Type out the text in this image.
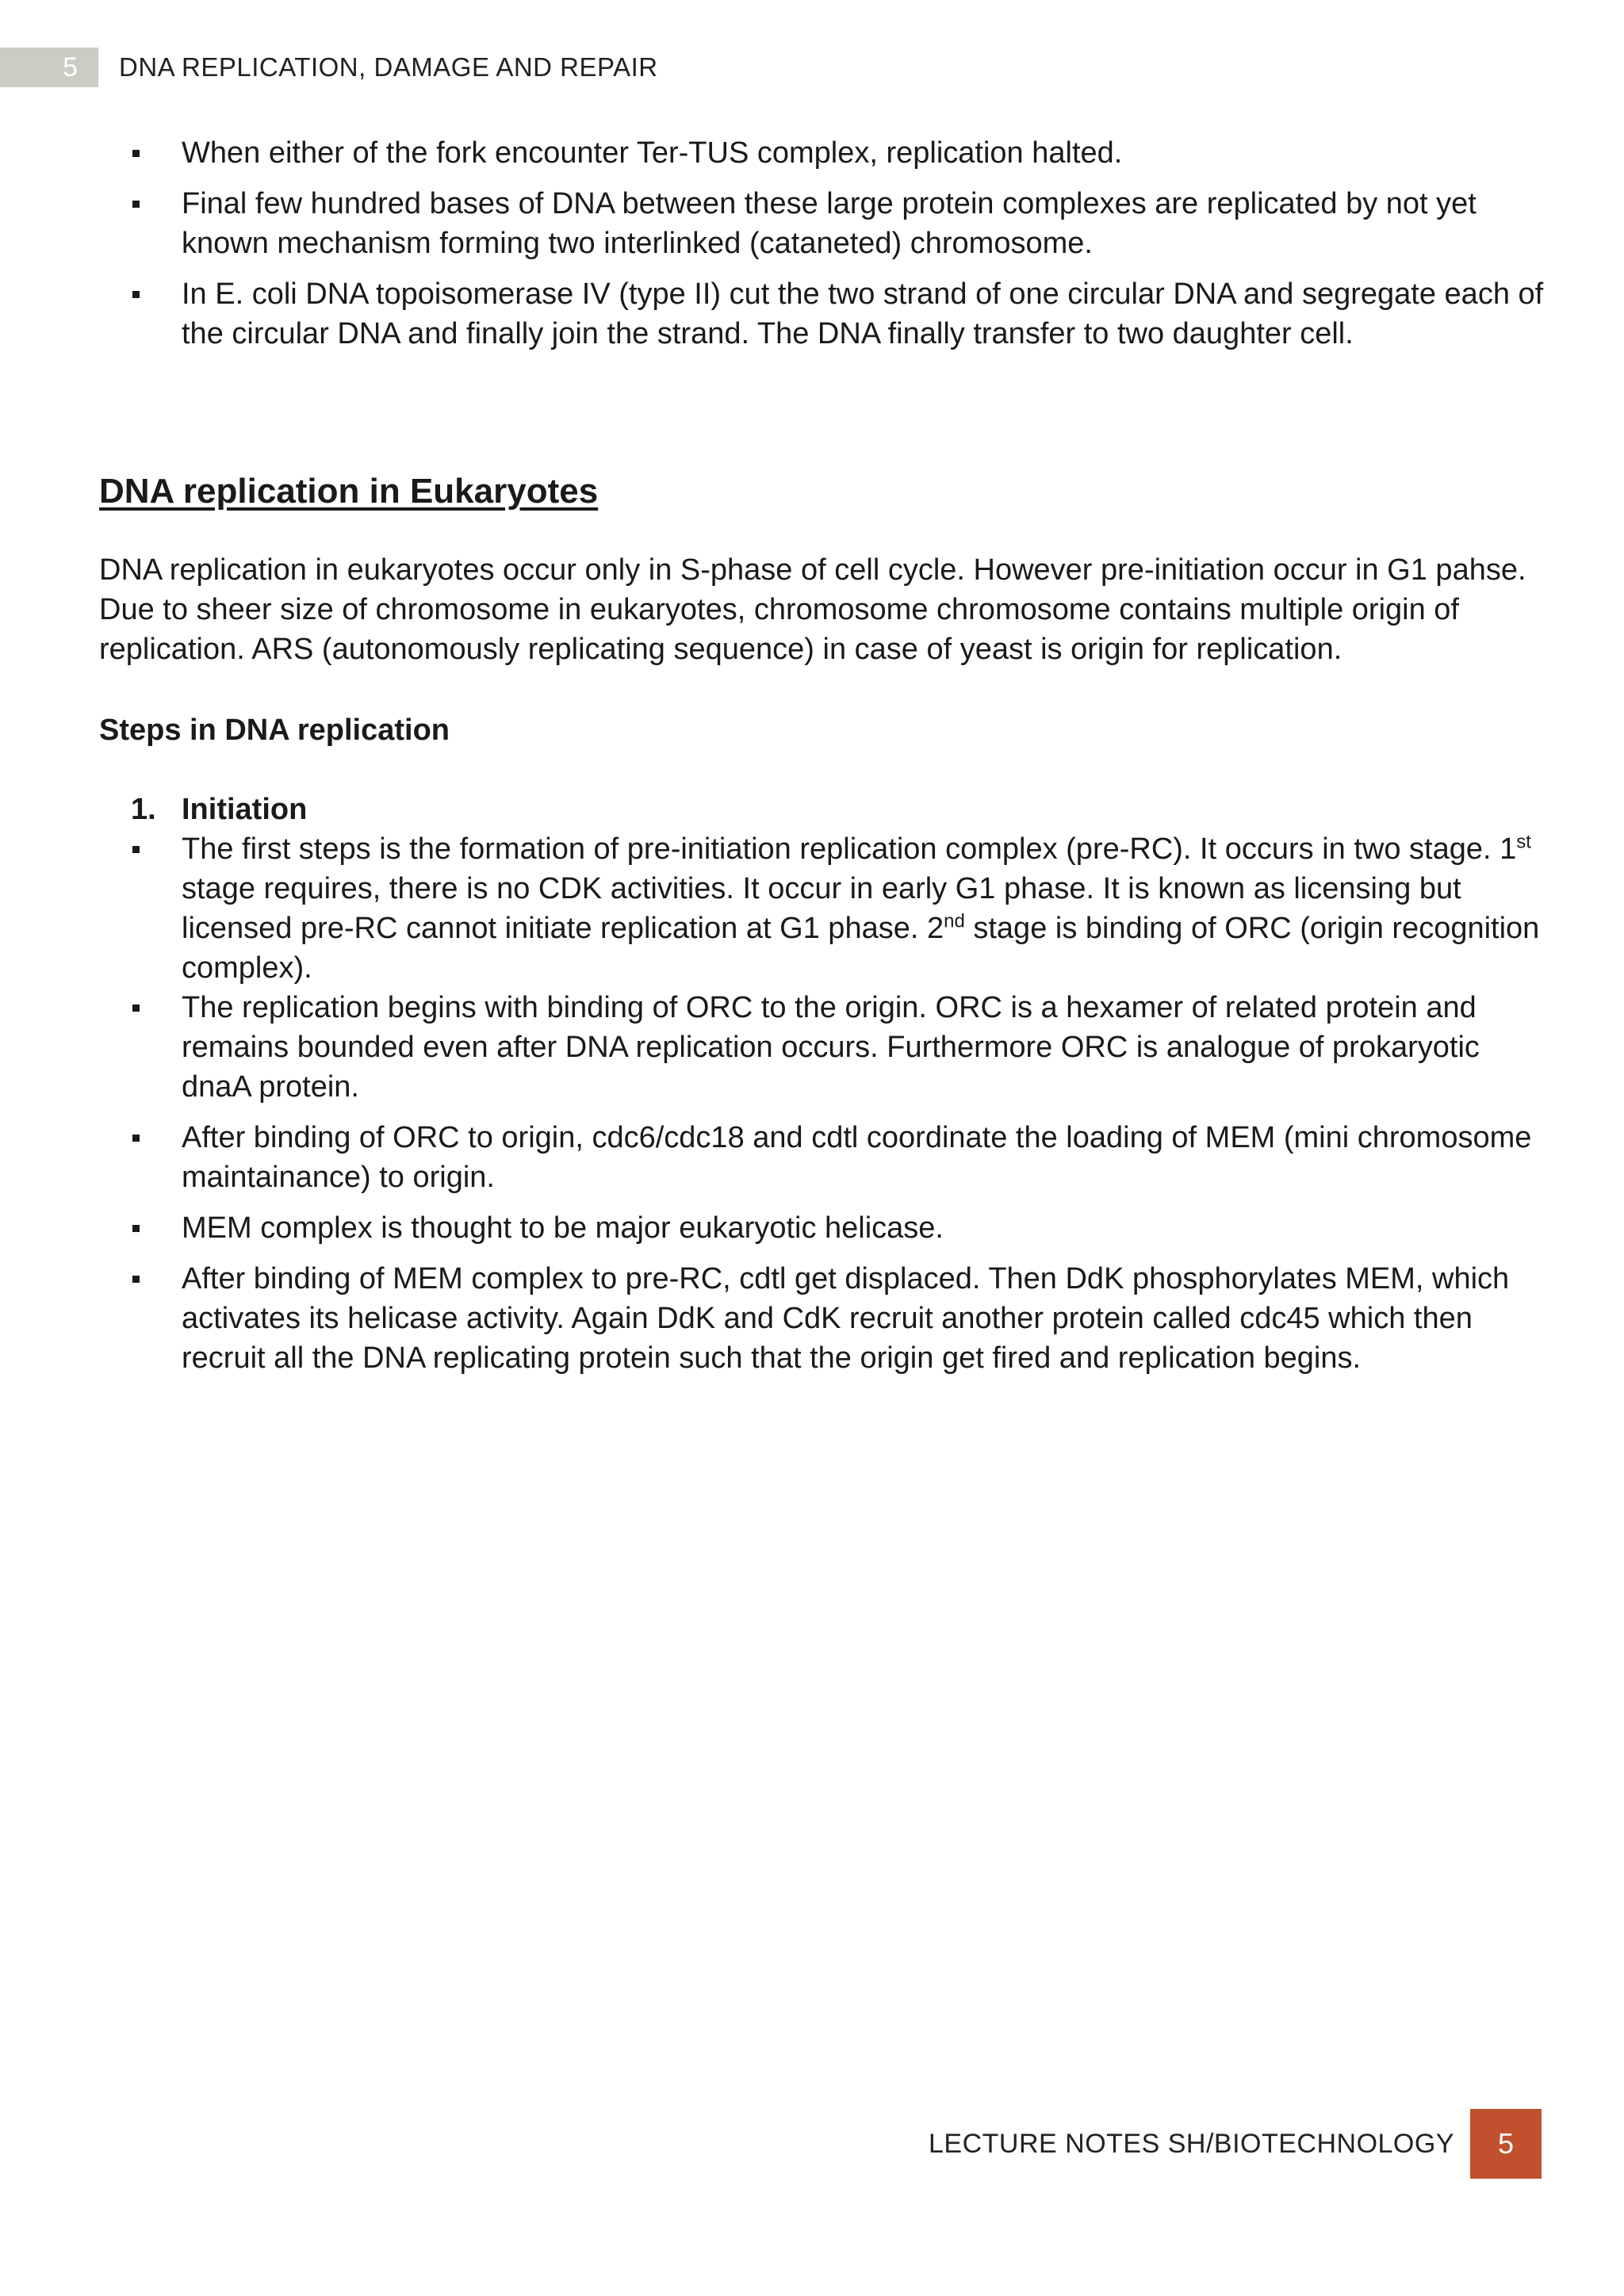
5	DNA REPLICATION, DAMAGE AND REPAIR
When either of the fork encounter Ter-TUS complex, replication halted.
Final few hundred bases of DNA between these large protein complexes are replicated by not yet known mechanism forming two interlinked (cataneted) chromosome.
In E. coli DNA topoisomerase IV (type II) cut the two strand of one circular DNA and segregate each of the circular DNA and finally join the strand. The DNA finally transfer to two daughter cell.
DNA replication in Eukaryotes

DNA replication in eukaryotes occur only in S-phase of cell cycle. However pre-initiation occur in G1 pahse. Due to sheer size of chromosome in eukaryotes, chromosome chromosome contains multiple origin of replication. ARS (autonomously replicating sequence) in case of yeast is origin for replication.

Steps in DNA replication
1. Initiation
The first steps is the formation of pre-initiation replication complex (pre-RC). It occurs in two stage. 1st stage requires, there is no CDK activities. It occur in early G1 phase. It is known as licensing but licensed pre-RC cannot initiate replication at G1 phase. 2nd stage is binding of ORC (origin recognition complex).
The replication begins with binding of ORC to the origin. ORC is a hexamer of related protein and remains bounded even after DNA replication occurs. Furthermore ORC is analogue of prokaryotic dnaA protein.
After binding of ORC to origin, cdc6/cdc18 and cdtl coordinate the loading of MEM (mini chromosome maintainance) to origin.
MEM complex is thought to be major eukaryotic helicase.
After binding of MEM complex to pre-RC, cdtl get displaced. Then DdK phosphorylates MEM, which activates its helicase activity. Again DdK and CdK recruit another protein called cdc45 which then recruit all the DNA replicating protein such that the origin get fired and replication begins.
LECTURE NOTES SH/BIOTECHNOLOGY	5
